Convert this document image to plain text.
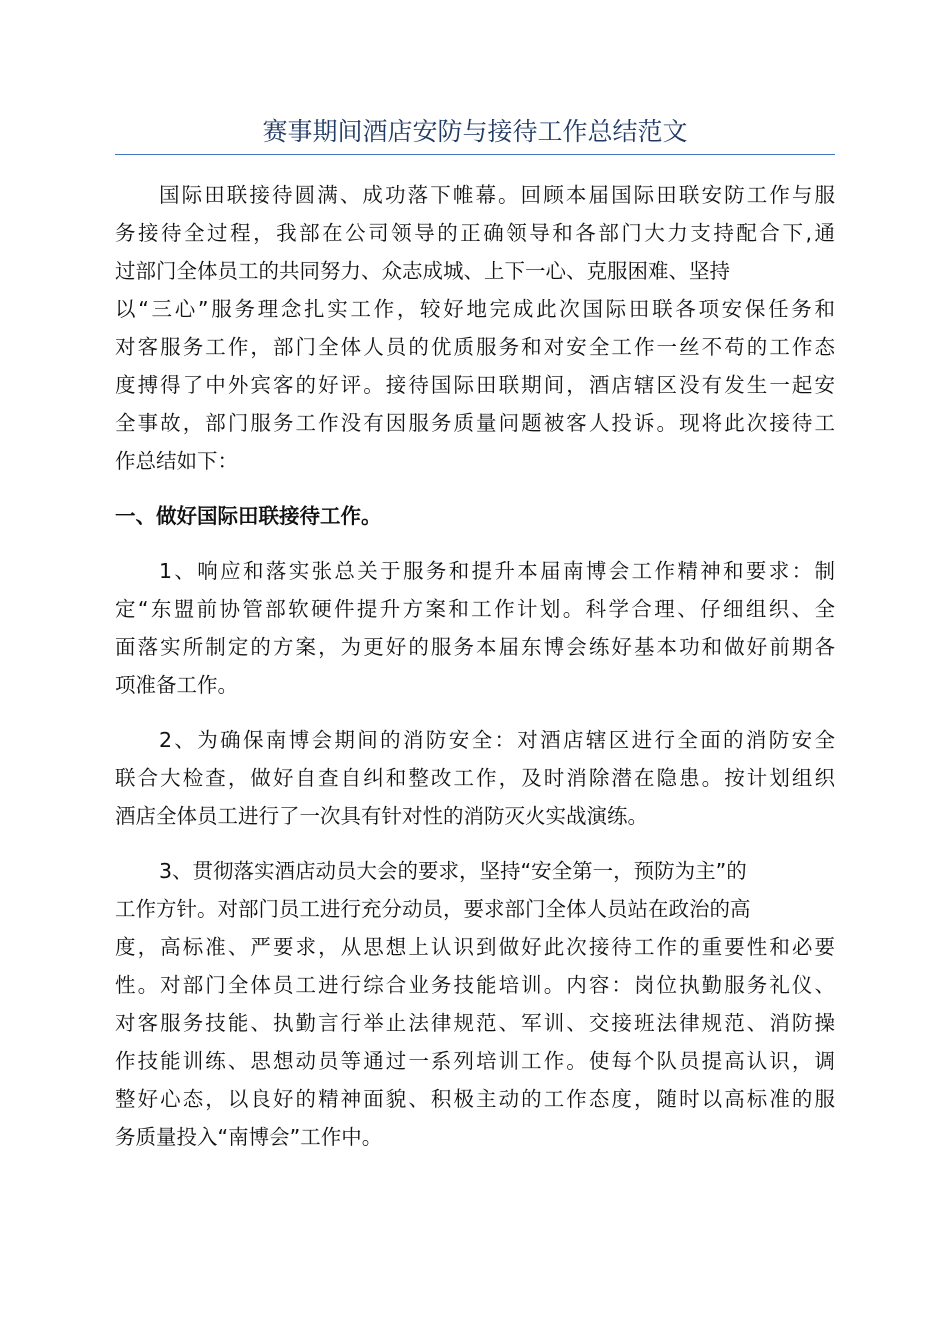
赛事期间酒店安防与接待工作总结范文
国际田联接待圆满、成功落下帷幕。回顾本届国际田联安防工作与服
务接待全过程，我部在公司领导的正确领导和各部门大力支持配合下,通
过部门全体员工的共同努力、众志成城、上下一心、克服困难、坚持
以“三心”服务理念扎实工作，较好地完成此次国际田联各项安保任务和
对客服务工作，部门全体人员的优质服务和对安全工作一丝不苟的工作态
度搏得了中外宾客的好评。接待国际田联期间，酒店辖区没有发生一起安
全事故，部门服务工作没有因服务质量问题被客人投诉。现将此次接待工
作总结如下：
一、做好国际田联接待工作。
1、响应和落实张总关于服务和提升本届南博会工作精神和要求：制
定“东盟前协管部软硬件提升方案和工作计划。科学合理、仔细组织、全
面落实所制定的方案，为更好的服务本届东博会练好基本功和做好前期各
项准备工作。
2、为确保南博会期间的消防安全：对酒店辖区进行全面的消防安全
联合大检查，做好自查自纠和整改工作，及时消除潜在隐患。按计划组织
酒店全体员工进行了一次具有针对性的消防灭火实战演练。
3、贯彻落实酒店动员大会的要求，坚持“安全第一，预防为主”的
工作方针。对部门员工进行充分动员，要求部门全体人员站在政治的高
度，高标准、严要求，从思想上认识到做好此次接待工作的重要性和必要
性。对部门全体员工进行综合业务技能培训。内容：岗位执勤服务礼仪、
对客服务技能、执勤言行举止法律规范、军训、交接班法律规范、消防操
作技能训练、思想动员等通过一系列培训工作。使每个队员提高认识，调
整好心态，以良好的精神面貌、积极主动的工作态度，随时以高标准的服
务质量投入“南博会”工作中。
